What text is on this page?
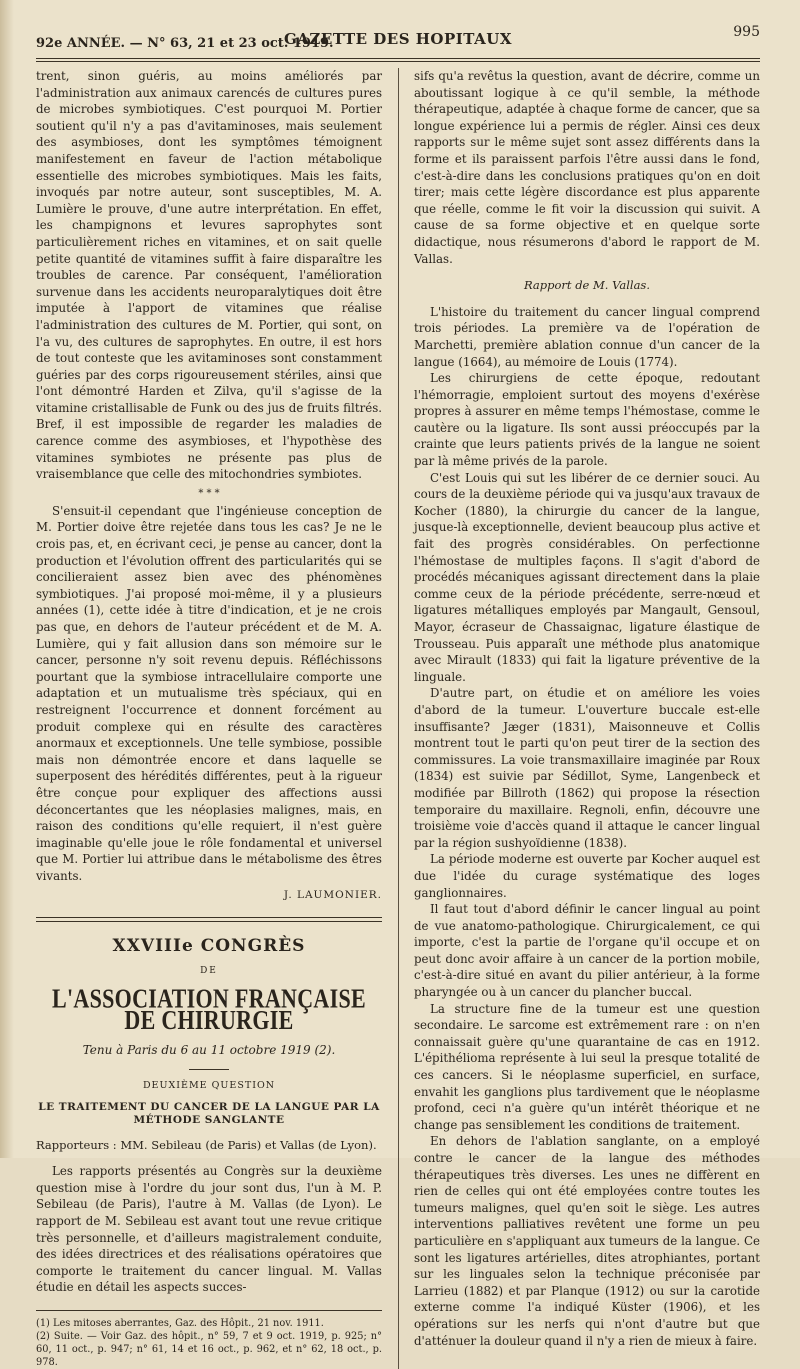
92e ANNÉE. — N° 63, 21 et 23 oct. 1919.
GAZETTE DES HOPITAUX	995

trent, sinon guéris, au moins améliorés par l'administration aux animaux carencés de cultures pures de microbes symbiotiques. C'est pourquoi M. Portier soutient qu'il n'y a pas d'avitaminoses, mais seulement des asymbioses, dont les symptômes témoignent manifestement en faveur de l'action métabolique essentielle des microbes symbiotiques. Mais les faits, invoqués par notre auteur, sont susceptibles, M. A. Lumière le prouve, d'une autre interprétation. En effet, les champignons et levures saprophytes sont particulièrement riches en vitamines, et on sait quelle petite quantité de vitamines suffit à faire disparaître les troubles de carence. Par conséquent, l'amélioration survenue dans les accidents neuroparalytiques doit être imputée à l'apport de vitamines que réalise l'administration des cultures de M. Portier, qui sont, on l'a vu, des cultures de saprophytes. En outre, il est hors de tout conteste que les avitaminoses sont constamment guéries par des corps rigoureusement stériles, ainsi que l'ont démontré Harden et Zilva, qu'il s'agisse de la vitamine cristallisable de Funk ou des jus de fruits filtrés. Bref, il est impossible de regarder les maladies de carence comme des asymbioses, et l'hypothèse des vitamines symbiotes ne présente pas plus de vraisemblance que celle des mitochondries symbiotes.

* * *

S'ensuit-il cependant que l'ingénieuse conception de M. Portier doive être rejetée dans tous les cas? Je ne le crois pas, et, en écrivant ceci, je pense au cancer, dont la production et l'évolution offrent des particularités qui se concilieraient assez bien avec des phénomènes symbiotiques. J'ai proposé moi-même, il y a plusieurs années (1), cette idée à titre d'indication, et je ne crois pas que, en dehors de l'auteur précédent et de M. A. Lumière, qui y fait allusion dans son mémoire sur le cancer, personne n'y soit revenu depuis. Réfléchissons pourtant que la symbiose intracellulaire comporte une adaptation et un mutualisme très spéciaux, qui en restreignent l'occurrence et donnent forcément au produit complexe qui en résulte des caractères anormaux et exceptionnels. Une telle symbiose, possible mais non démontrée encore et dans laquelle se superposent des hérédités différentes, peut à la rigueur être conçue pour expliquer des affections aussi déconcertantes que les néoplasies malignes, mais, en raison des conditions qu'elle requiert, il n'est guère imaginable qu'elle joue le rôle fondamental et universel que M. Portier lui attribue dans le métabolisme des êtres vivants.

J. LAUMONIER.
XXVIIIe CONGRÈS
DE
L'ASSOCIATION FRANÇAISE DE CHIRURGIE
Tenu à Paris du 6 au 11 octobre 1919 (2).
DEUXIÈME QUESTION
LE TRAITEMENT DU CANCER DE LA LANGUE PAR LA MÉTHODE SANGLANTE
Rapporteurs : MM. Sebileau (de Paris) et Vallas (de Lyon).

Les rapports présentés au Congrès sur la deuxième question mise à l'ordre du jour sont dus, l'un à M. P. Sebileau (de Paris), l'autre à M. Vallas (de Lyon). Le rapport de M. Sebileau est avant tout une revue critique très personnelle, et d'ailleurs magistralement conduite, des idées directrices et des réalisations opératoires que comporte le traitement du cancer lingual. M. Vallas étudie en détail les aspects succes-

(1) Les mitoses aberrantes, Gaz. des Hôpit., 21 nov. 1911.
(2) Suite. — Voir Gaz. des hôpit., n° 59, 7 et 9 oct. 1919, p. 925; n° 60, 11 oct., p. 947; n° 61, 14 et 16 oct., p. 962, et n° 62, 18 oct., p. 978.

sifs qu'a revêtus la question, avant de décrire, comme un aboutissant logique à ce qu'il semble, la méthode thérapeutique, adaptée à chaque forme de cancer, que sa longue expérience lui a permis de régler. Ainsi ces deux rapports sur le même sujet sont assez différents dans la forme et ils paraissent parfois l'être aussi dans le fond, c'est-à-dire dans les conclusions pratiques qu'on en doit tirer; mais cette légère discordance est plus apparente que réelle, comme le fit voir la discussion qui suivit. A cause de sa forme objective et en quelque sorte didactique, nous résumerons d'abord le rapport de M. Vallas.

Rapport de M. Vallas.

L'histoire du traitement du cancer lingual comprend trois périodes. La première va de l'opération de Marchetti, première ablation connue d'un cancer de la langue (1664), au mémoire de Louis (1774).

Les chirurgiens de cette époque, redoutant l'hémorragie, emploient surtout des moyens d'exérèse propres à assurer en même temps l'hémostase, comme le cautère ou la ligature. Ils sont aussi préoccupés par la crainte que leurs patients privés de la langue ne soient par là même privés de la parole.

C'est Louis qui sut les libérer de ce dernier souci. Au cours de la deuxième période qui va jusqu'aux travaux de Kocher (1880), la chirurgie du cancer de la langue, jusque-là exceptionnelle, devient beaucoup plus active et fait des progrès considérables. On perfectionne l'hémostase de multiples façons. Il s'agit d'abord de procédés mécaniques agissant directement dans la plaie comme ceux de la période précédente, serre-nœud et ligatures métalliques employés par Mangault, Gensoul, Mayor, écraseur de Chassaignac, ligature élastique de Trousseau. Puis apparaît une méthode plus anatomique avec Mirault (1833) qui fait la ligature préventive de la linguale.

D'autre part, on étudie et on améliore les voies d'abord de la tumeur. L'ouverture buccale est-elle insuffisante? Jæger (1831), Maisonneuve et Collis montrent tout le parti qu'on peut tirer de la section des commissures. La voie transmaxillaire imaginée par Roux (1834) est suivie par Sédillot, Syme, Langenbeck et modifiée par Billroth (1862) qui propose la résection temporaire du maxillaire. Regnoli, enfin, découvre une troisième voie d'accès quand il attaque le cancer lingual par la région sushyoïdienne (1838).

La période moderne est ouverte par Kocher auquel est due l'idée du curage systématique des loges ganglionnaires.

Il faut tout d'abord définir le cancer lingual au point de vue anatomo-pathologique. Chirurgicalement, ce qui importe, c'est la partie de l'organe qu'il occupe et on peut donc avoir affaire à un cancer de la portion mobile, c'est-à-dire situé en avant du pilier antérieur, à la forme pharyngée ou à un cancer du plancher buccal.

La structure fine de la tumeur est une question secondaire. Le sarcome est extrêmement rare : on n'en connaissait guère qu'une quarantaine de cas en 1912. L'épithélioma représente à lui seul la presque totalité de ces cancers. Si le néoplasme superficiel, en surface, envahit les ganglions plus tardivement que le néoplasme profond, ceci n'a guère qu'un intérêt théorique et ne change pas sensiblement les conditions de traitement.

En dehors de l'ablation sanglante, on a employé contre le cancer de la langue des méthodes thérapeutiques très diverses. Les unes ne diffèrent en rien de celles qui ont été employées contre toutes les tumeurs malignes, quel qu'en soit le siège. Les autres interventions palliatives revêtent une forme un peu particulière en s'appliquant aux tumeurs de la langue. Ce sont les ligatures artérielles, dites atrophiantes, portant sur les linguales selon la technique préconisée par Larrieu (1882) et par Planque (1912) ou sur la carotide externe comme l'a indiqué Küster (1906), et les opérations sur les nerfs qui n'ont d'autre but que d'atténuer la douleur quand il n'y a rien de mieux à faire.
